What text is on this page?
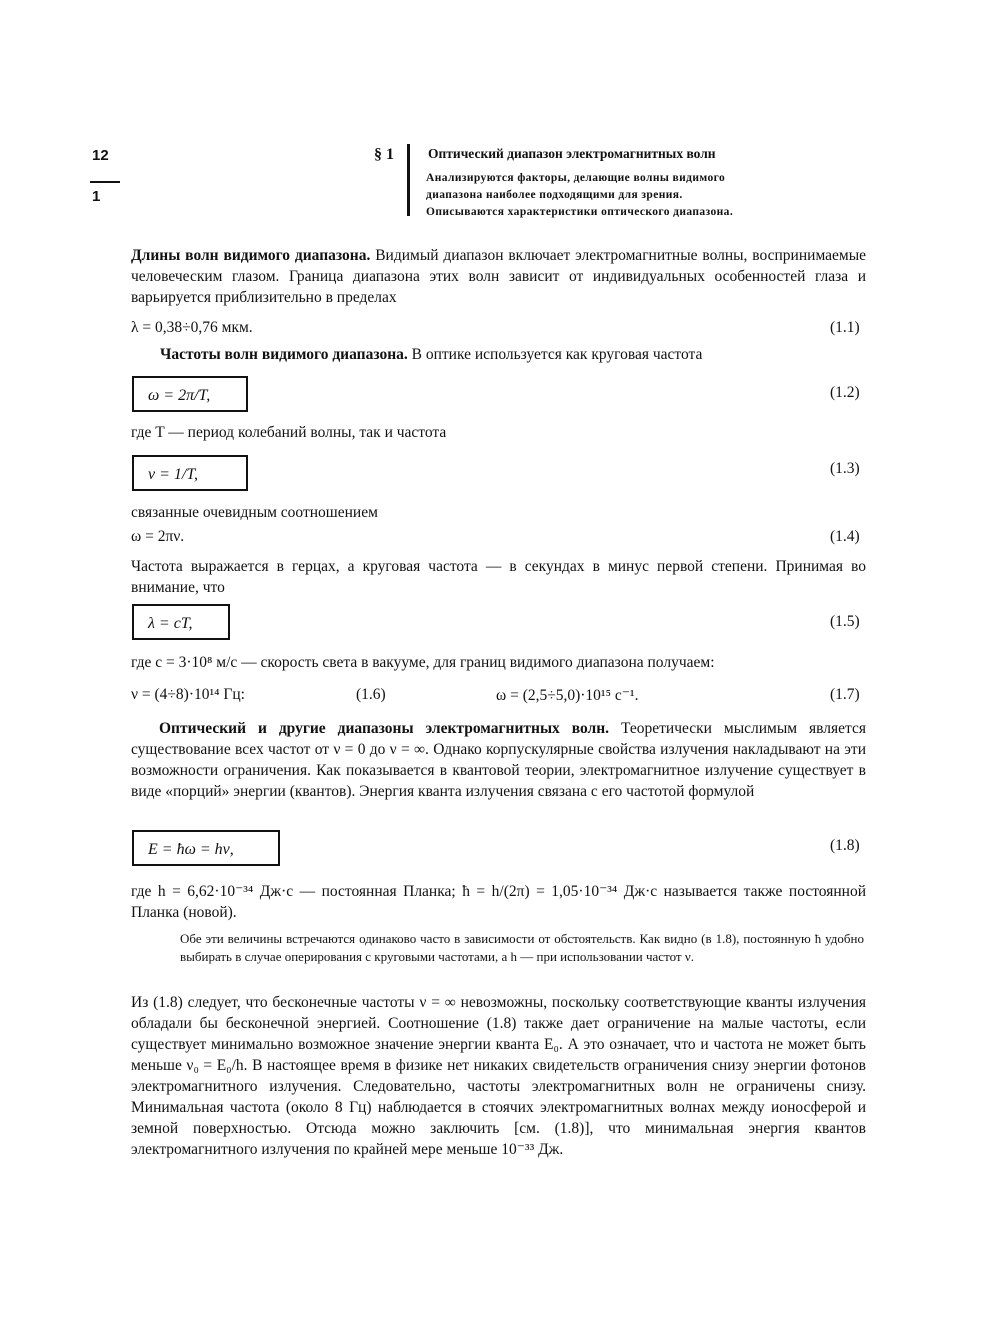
12
1
§ 1	Оптический диапазон электромагнитных волн
Анализируются факторы, делающие волны видимого
диапазона наиболее подходящими для зрения.
Описываются характеристики оптического диапазона.
Длины волн видимого диапазона. Видимый диапазон включает электромагнитные волны, воспринимаемые человеческим глазом. Граница диапазона этих волн зависит от индивидуальных особенностей глаза и варьируется приблизительно в пределах
λ = 0,38÷0,76 мкм.	(1.1)
Частоты волн видимого диапазона. В оптике используется как круговая частота
ω = 2π/T,	(1.2)
где T — период колебаний волны, так и частота
ν = 1/T,	(1.3)
связанные очевидным соотношением
ω = 2πν.	(1.4)
Частота выражается в герцах, а круговая частота — в секундах в минус первой степени. Принимая во внимание, что
λ = cT,	(1.5)
где c = 3·10⁸ м/с — скорость света в вакууме, для границ видимого диапазона получаем:
ν = (4÷8)·10¹⁴ Гц:	(1.6)	ω = (2,5÷5,0)·10¹⁵ с⁻¹.	(1.7)
Оптический и другие диапазоны электромагнитных волн. Теоретически мыслимым является существование всех частот от ν = 0 до ν = ∞. Однако корпускулярные свойства излучения накладывают на эти возможности ограничения. Как показывается в квантовой теории, электромагнитное излучение существует в виде «порций» энергии (квантов). Энергия кванта излучения связана с его частотой формулой
E = ħω = hν,	(1.8)
где h = 6,62·10⁻³⁴ Дж·с — постоянная Планка; ħ = h/(2π) = 1,05·10⁻³⁴ Дж·с называется также постоянной Планка (новой).
Обе эти величины встречаются одинаково часто в зависимости от обстоятельств. Как видно (в 1.8), постоянную ħ удобно выбирать в случае оперирования с круговыми частотами, а h — при использовании частот ν.
Из (1.8) следует, что бесконечные частоты ν = ∞ невозможны, поскольку соответствующие кванты излучения обладали бы бесконечной энергией. Соотношение (1.8) также дает ограничение на малые частоты, если существует минимально возможное значение энергии кванта E₀. А это означает, что и частота не может быть меньше ν₀ = E₀/h. В настоящее время в физике нет никаких свидетельств ограничения снизу энергии фотонов электромагнитного излучения. Следовательно, частоты электромагнитных волн не ограничены снизу. Минимальная частота (около 8 Гц) наблюдается в стоячих электромагнитных волнах между ионосферой и земной поверхностью. Отсюда можно заключить [см. (1.8)], что минимальная энергия квантов электромагнитного излучения по крайней мере меньше 10⁻³³ Дж.
